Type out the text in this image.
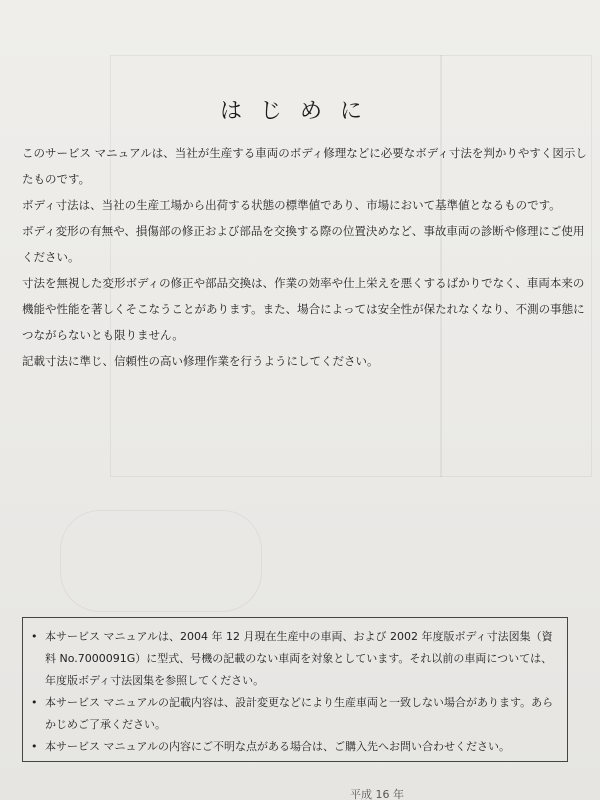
はじめに

このサービス マニュアルは、当社が生産する車両のボディ修理などに必要なボディ寸法を判かりやすく図示したものです。

ボディ寸法は、当社の生産工場から出荷する状態の標準値であり、市場において基準値となるものです。

ボディ変形の有無や、損傷部の修正および部品を交換する際の位置決めなど、事故車両の診断や修理にご使用ください。

寸法を無視した変形ボディの修正や部品交換は、作業の効率や仕上栄えを悪くするばかりでなく、車両本来の機能や性能を著しくそこなうことがあります。また、場合によっては安全性が保たれなくなり、不測の事態につながらないとも限りません。

記載寸法に準じ、信頼性の高い修理作業を行うようにしてください。

• 本サービス マニュアルは、2004 年 12 月現在生産中の車両、および 2002 年度版ボディ寸法図集（資料 No.7000091G）に型式、号機の記載のない車両を対象としています。それ以前の車両については、年度版ボディ寸法図集を参照してください。
• 本サービス マニュアルの記載内容は、設計変更などにより生産車両と一致しない場合があります。あらかじめご了承ください。
• 本サービス マニュアルの内容にご不明な点がある場合は、ご購入先へお問い合わせください。
平成 16 年
